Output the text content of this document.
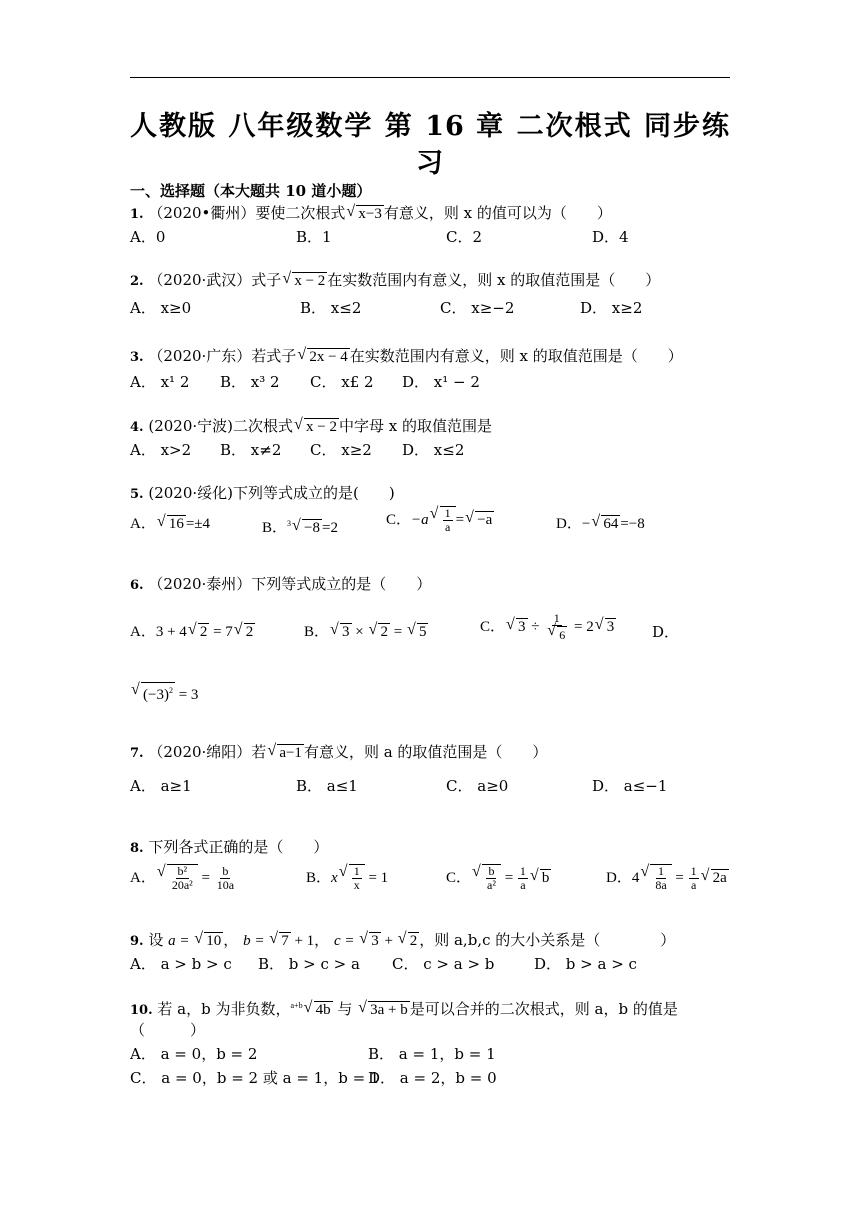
人教版 八年级数学 第 16 章 二次根式 同步练习
一、选择题（本大题共 10 道小题）
1. （2020•衢州）要使二次根式 √ x−3 有意义，则 x 的值可以为（　　）
A．0	B．1	C．2	D．4
2. （2020·武汉）式子 √ x − 2 在实数范围内有意义，则 x 的取值范围是（　　）
A． x≥0	B． x≤2	C． x≥−2	D． x≥2
3. （2020·广东）若式子 √ 2x − 4 在实数范围内有意义，则 x 的取值范围是（　　）
A． x¹ 2 B． x³ 2 C． x£ 2 D． x¹ − 2
4. (2020·宁波)二次根式 √ x − 2 中字母 x 的取值范围是
A． x>2 B． x≠2 C． x≥2 D． x≤2
5. (2020·绥化)下列等式成立的是(　　)
A． √ 16 =±4	B．$^3$ √ −8 =2
C．−a √ $\frac{1}{a}$ = √ −a	D．− √ 64 =−8
6. （2020·泰州）下列等式成立的是（　　）
A．3 + 4 √ 2 = 7 √ 2	B． √ 3 × √ 2 = √ 5	C． √ 3 ÷ 1
√ 6 = 2 √ 3	D．
√ $(-3)^2 = 3$
7. （2020·绵阳）若 √ a−1 有意义，则 a 的取值范围是（　　）
A． a≥1	B． a≤1	C． a≥0	D． a≤−1
8. 下列各式正确的是（　　）
A． √ $\frac{\text{b²}}{\text{20a²}} = \frac{b}{10a}$	B．x √ $\frac{1}{x} = 1$	C． √ $\frac{b}{\text{a²}} = \frac{1}{a}$ √ b	D．4 √ $\frac{1}{8a} = \frac{1}{a}$ √ 2a
9. 设 a = √ 10 ， b = √ 7 + 1， c = √ 3 + √ 2 ，则 a,b,c 的大小关系是（　　　　）
A． a > b > c B． b > c > a C． c > a > b	D． b > a > c
10. 若 a，b 为非负数，$^{a+b}$ √ 4b 与 √ 3a + b 是可以合并的二次根式，则 a，b 的值是
（　　　）
A． a = 0，b = 2	B． a = 1，b = 1
C． a = 0，b = 2 或 a = 1，b = 1
D． a = 2，b = 0
